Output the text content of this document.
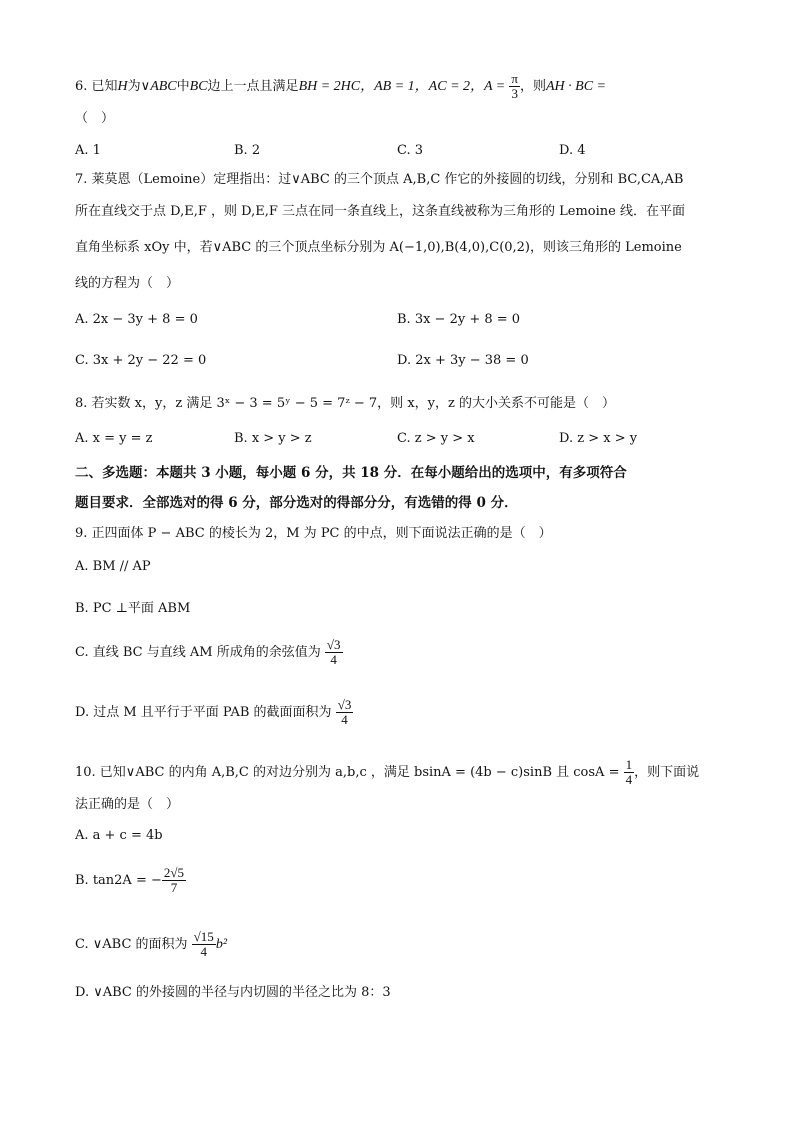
6. 已知H为∨ABC中BC边上一点且满足BH = 2HC，AB = 1，AC = 2，$A = \frac{\pi}{3}$ ，则AH · BC =
（　）
A. 1	B. 2	C. 3	D. 4
7. 莱莫恩（Lemoine）定理指出：过∨ABC 的三个顶点 A,B,C 作它的外接圆的切线，分别和 BC,CA,AB
所在直线交于点 D,E,F ，则 D,E,F 三点在同一条直线上，这条直线被称为三角形的 Lemoine 线．在平面
直角坐标系 xOy 中，若∨ABC 的三个顶点坐标分别为 A(−1,0),B(4,0),C(0,2)，则该三角形的 Lemoine
线的方程为（　）
A. 2x − 3y + 8 = 0	B. 3x − 2y + 8 = 0
C. 3x + 2y − 22 = 0	D. 2x + 3y − 38 = 0
8. 若实数 x，y，z 满足 3ˣ − 3 = 5ʸ − 5 = 7ᶻ − 7，则 x，y，z 的大小关系不可能是（　）
A. x = y = z	B. x > y > z	C. z > y > x	D. z > x > y
二、多选题：本题共 3 小题，每小题 6 分，共 18 分．在每小题给出的选项中，有多项符合
题目要求．全部选对的得 6 分，部分选对的得部分分，有选错的得 0 分．
9. 正四面体 P − ABC 的棱长为 2，M 为 PC 的中点，则下面说法正确的是（　）
A. BM // AP
B. PC ⊥平面 ABM
C. 直线 BC 与直线 AM 所成角的余弦值为 $\frac{√3}{4}$
D. 过点 M 且平行于平面 PAB 的截面面积为 $\frac{√3}{4}$
10. 已知∨ABC 的内角 A,B,C 的对边分别为 a,b,c ，满足 bsinA = (4b − c)sinB 且 $\cos A = \frac{1}{4}$ ，则下面说
法正确的是（　）
A. a + c = 4b
B. tan2A = − $\frac{2√5}{7}$
C. ∨ABC 的面积为 $\frac{√15}{4} b^2$
D. ∨ABC 的外接圆的半径与内切圆的半径之比为 8：3
